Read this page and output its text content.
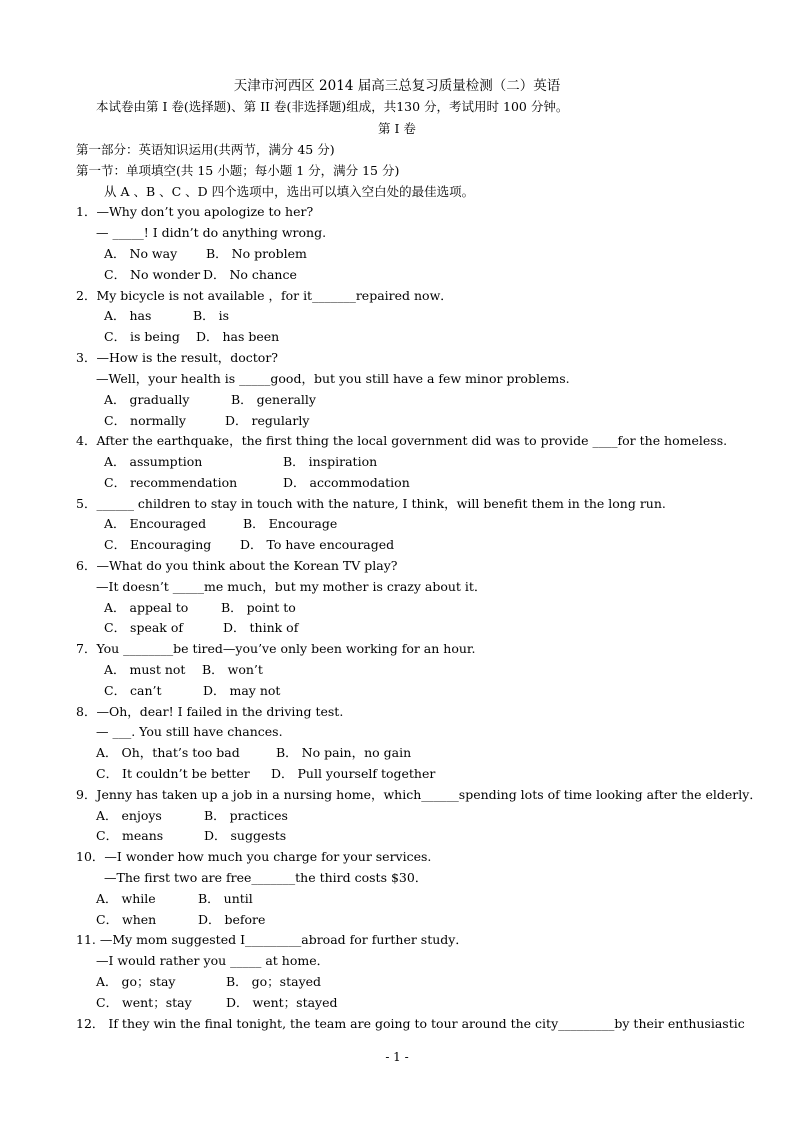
天津市河西区 2014 届高三总复习质量检测（二）英语
本试卷由第 I 卷(选择题)、第 II 卷(非选择题)组成，共130 分，考试用时 100 分钟。
第 I 卷
第一部分：英语知识运用(共两节，满分 45 分)
第一节：单项填空(共 15 小题；每小题 1 分，满分 15 分)
从 A 、B 、C 、D 四个选项中，选出可以填入空白处的最佳选项。
1．—Why don’t you apologize to her?
— _____! I didn’t do anything wrong.
A． No way B． No problem
C． No wonder D． No chance
2．My bicycle is not available ，for it_______repaired now．
A． has	B． is
C． is being D． has been
3．—How is the result，doctor?
—Well，your health is _____good，but you still have a few minor problems.
A． gradually	B． generally
C． normally	D． regularly
4．After the earthquake，the first thing the local government did was to provide ____for the homeless.
A． assumption	B． inspiration
C． recommendation	D． accommodation
5．______ children to stay in touch with the nature, I think，will benefit them in the long run.
A． Encouraged	B． Encourage
C． Encouraging D． To have encouraged
6．—What do you think about the Korean TV play?
—It doesn’t _____me much，but my mother is crazy about it．
A． appeal to	B． point to
C． speak of	D． think of
7．You ________be tired—you’ve only been working for an hour.
A． must not B． won’t
C． can’t	D． may not
8．—Oh，dear! I failed in the driving test.
— ___. You still have chances.
A． Oh，that’s too bad	B． No pain，no gain
C． It couldn’t be better D． Pull yourself together
9．Jenny has taken up a job in a nursing home，which______spending lots of time looking after the elderly．
A． enjoys	B． practices
C． means	D． suggests
10．—I wonder how much you charge for your services.
—The first two are free_______the third costs $30．
A． while	B． until
C． when	D． before
11. —My mom suggested I_________abroad for further study．
—I would rather you _____ at home．
A． go；stay	B． go；stayed
C． went；stay	D． went；stayed
12． If they win the final tonight, the team are going to tour around the city_________by their enthusiastic
- 1 -
